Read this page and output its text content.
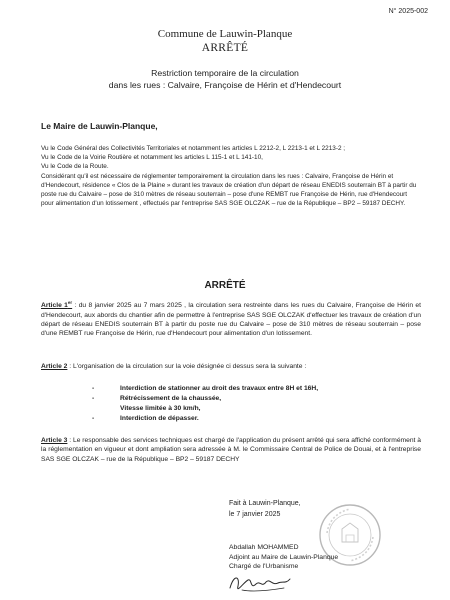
N° 2025-002
Commune de Lauwin-Planque
ARRÊTÉ
Restriction temporaire de la circulation
dans les rues : Calvaire, Françoise de Hérin et d'Hendecourt
Le Maire de Lauwin-Planque,

Vu le Code Général des Collectivités Territoriales et notamment les articles L 2212-2, L 2213-1 et L 2213-2 ;

Vu le Code de la Voirie Routière et notamment les articles L 115-1 et L 141-10,

Vu le Code de la Route.

Considérant qu'il est nécessaire de réglementer temporairement la circulation dans les rues : Calvaire, Françoise de Hérin et d'Hendecourt, résidence « Clos de la Plaine » durant les travaux de création d'un départ de réseau ENEDIS souterrain BT à partir du poste rue du Calvaire – pose de 310 mètres de réseau souterrain – pose d'une REMBT rue Françoise de Hérin, rue d'Hendecourt pour alimentation d'un lotissement , effectués par l'entreprise SAS SGE OLCZAK – rue de la République – BP2 – 59187 DECHY.

ARRÊTÉ
Article 1er : du 8 janvier 2025 au 7 mars 2025 , la circulation sera restreinte dans les rues du Calvaire, Françoise de Hérin et d'Hendecourt, aux abords du chantier afin de permettre à l'entreprise SAS SGE OLCZAK d'effectuer les travaux de création d'un départ de réseau ENEDIS souterrain BT à partir du poste rue du Calvaire – pose de 310 mètres de réseau souterrain – pose d'une REMBT rue Françoise de Hérin, rue d'Hendecourt pour alimentation d'un lotissement.
Article 2 : L'organisation de la circulation sur la voie désignée ci dessus sera la suivante :
-	Interdiction de stationner au droit des travaux entre 8H et 16H,
-	Rétrécissement de la chaussée,
Vitesse limitée à 30 km/h,
-	Interdiction de dépasser.
Article 3 : Le responsable des services techniques est chargé de l'application du présent arrêté qui sera affiché conformément à la réglementation en vigueur et dont ampliation sera adressée à M. le Commissaire Central de Police de Douai, et à l'entreprise SAS SGE OLCZAK – rue de la République – BP2 – 59187 DECHY
Fait à Lauwin-Planque,
le 7 janvier 2025
Abdallah MOHAMMED
Adjoint au Maire de Lauwin-Planque
Chargé de l'Urbanisme
